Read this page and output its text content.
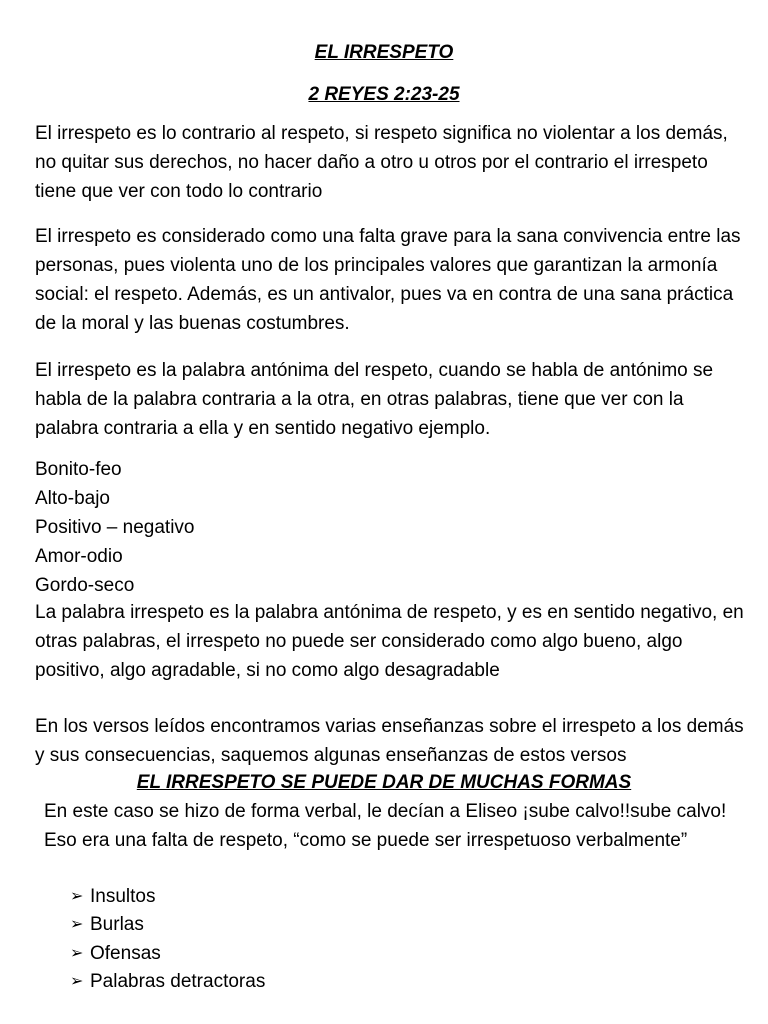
EL IRRESPETO

2 REYES 2:23-25

El irrespeto es lo contrario al respeto, si respeto significa no violentar a los demás, no quitar sus derechos, no hacer daño a otro u otros por el contrario el irrespeto tiene que ver con todo lo contrario

El irrespeto es considerado como una falta grave para la sana convivencia entre las personas, pues violenta uno de los principales valores que garantizan la armonía social: el respeto. Además, es un antivalor, pues va en contra de una sana práctica de la moral y las buenas costumbres.

El irrespeto es la palabra antónima del respeto, cuando se habla de antónimo se habla de la palabra contraria a la otra, en otras palabras, tiene que ver con la palabra contraria a ella y en sentido negativo ejemplo.

Bonito-feo
Alto-bajo
Positivo – negativo
Amor-odio
Gordo-seco

La palabra irrespeto es la palabra antónima de respeto, y es en sentido negativo, en otras palabras, el irrespeto no puede ser considerado como algo bueno, algo positivo, algo agradable, si no como algo desagradable

En los versos leídos encontramos varias enseñanzas sobre el irrespeto a los demás y sus consecuencias, saquemos algunas enseñanzas de estos versos

EL IRRESPETO SE PUEDE DAR DE MUCHAS FORMAS

En este caso se hizo de forma verbal, le decían a Eliseo ¡sube calvo!!sube calvo! Eso era una falta de respeto, “como se puede ser irrespetuoso verbalmente”

➢ Insultos
➢ Burlas
➢ Ofensas
➢ Palabras detractoras
